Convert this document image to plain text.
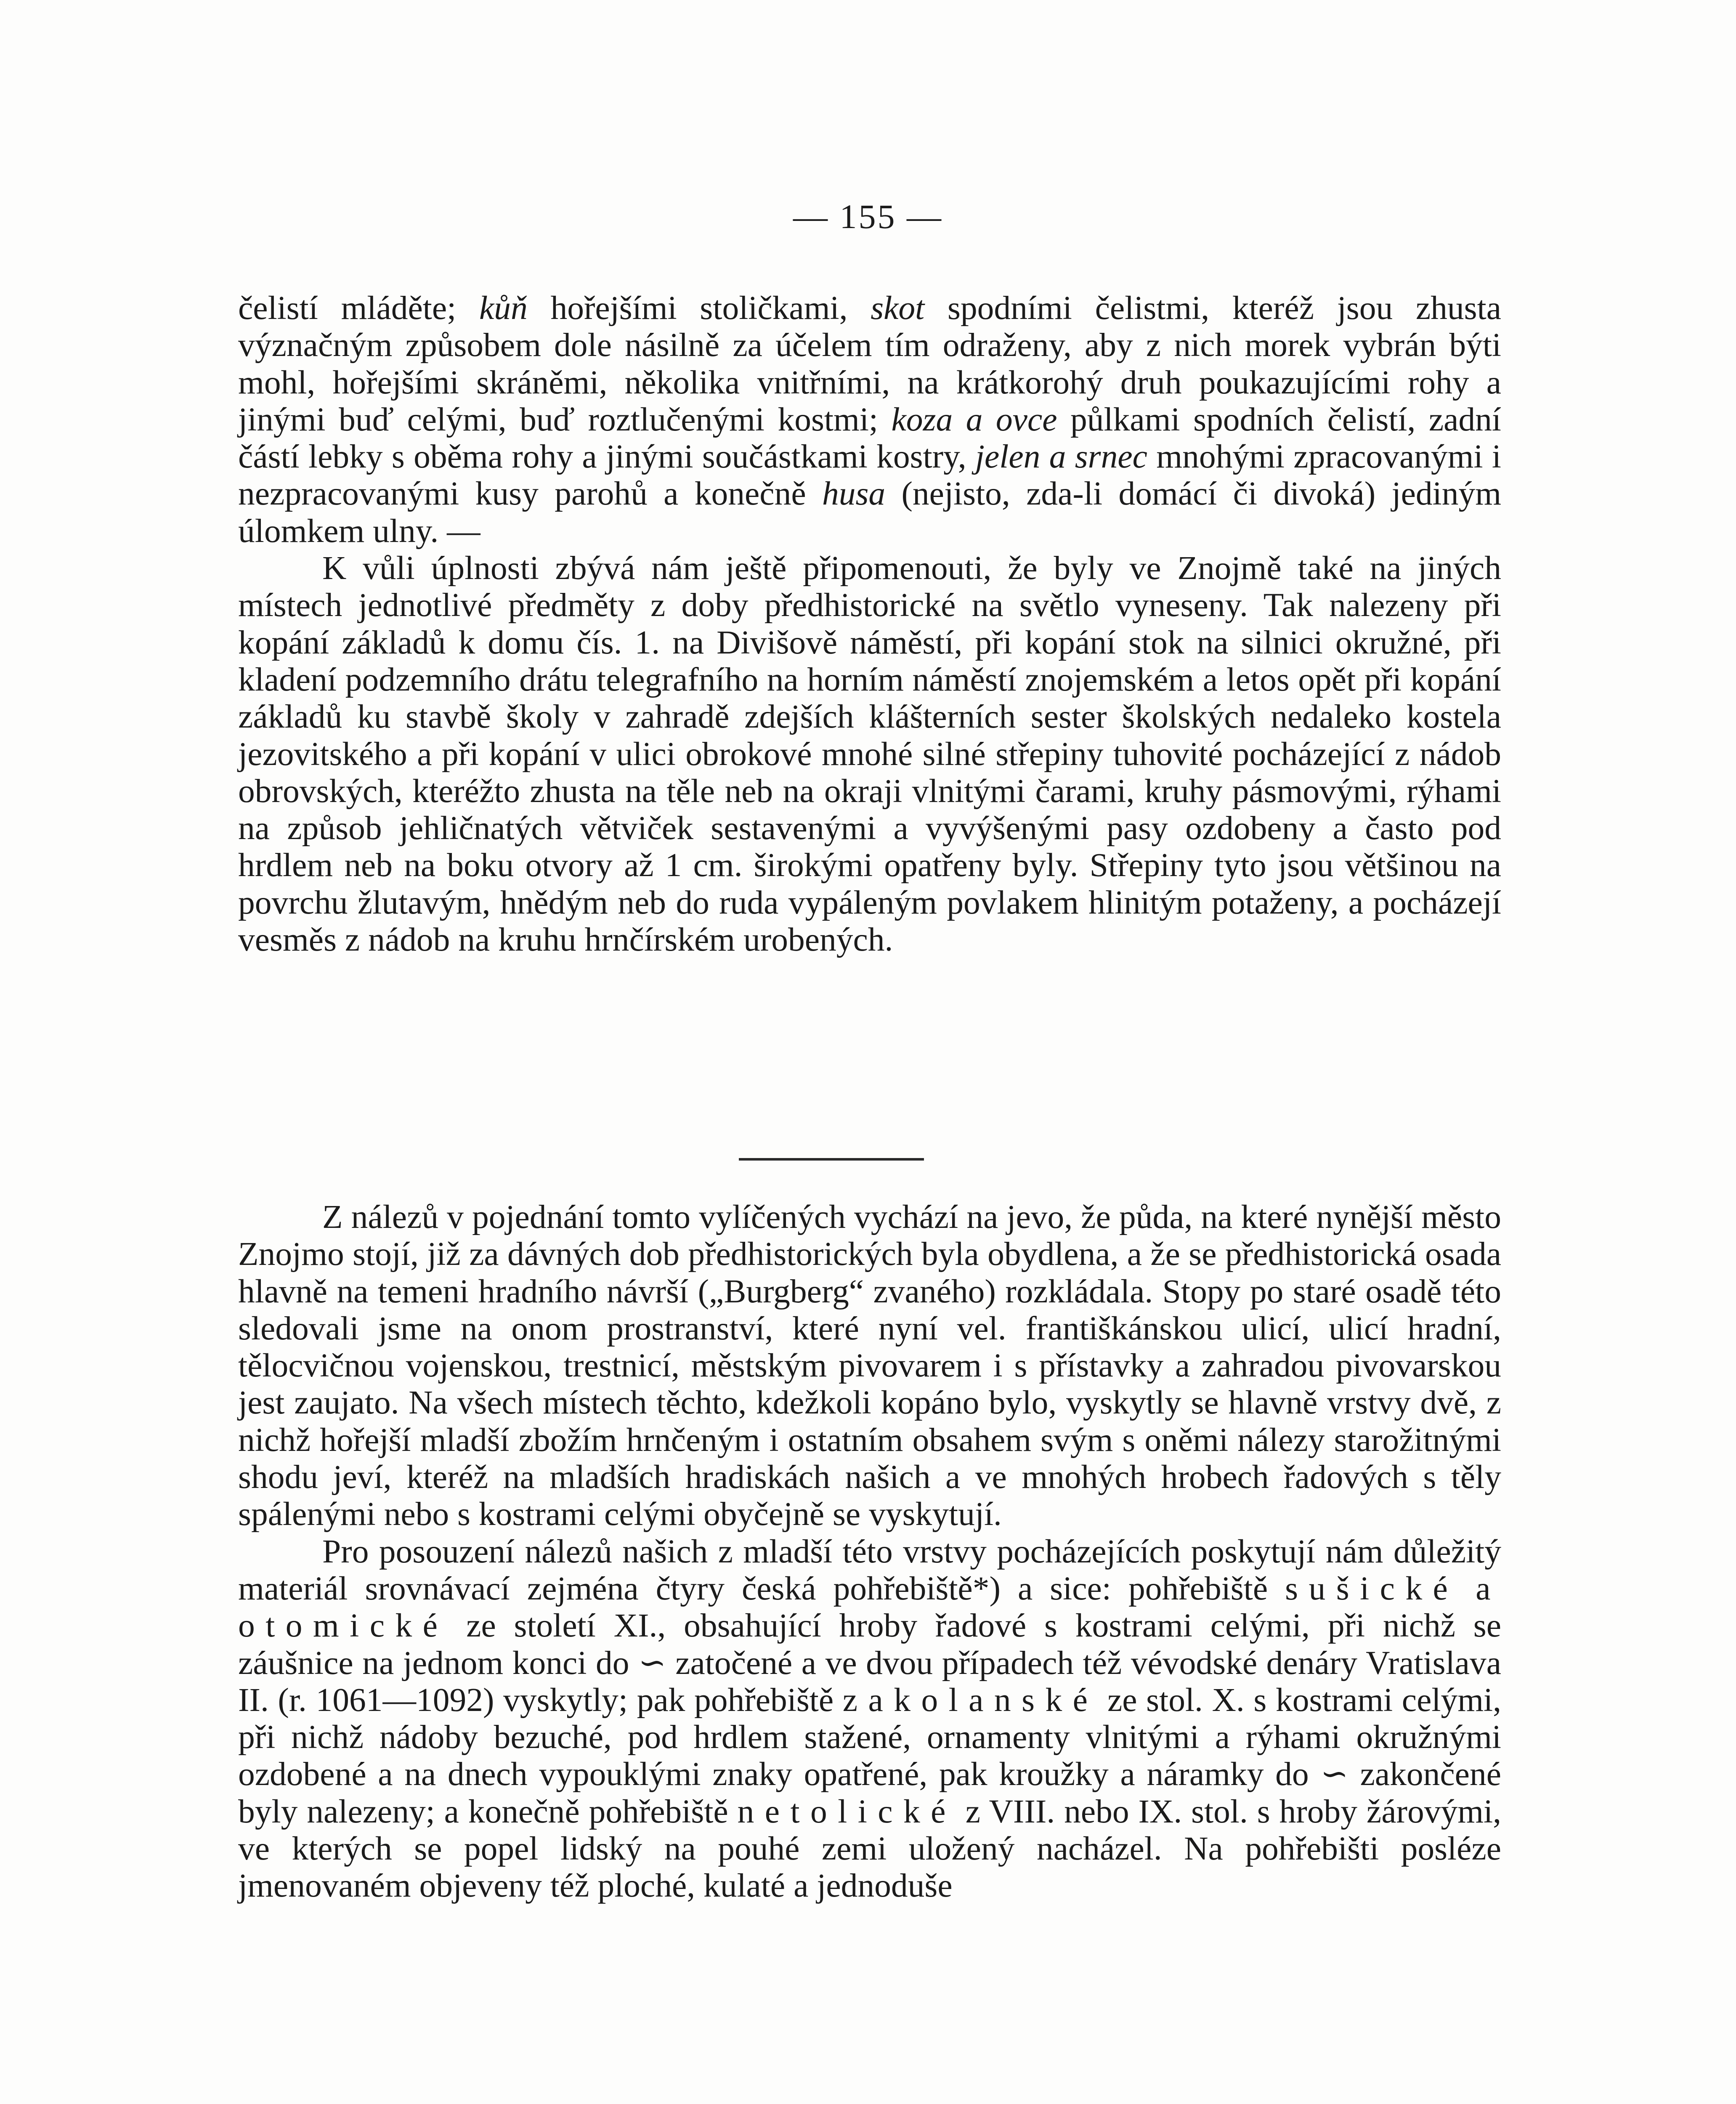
— 155 —

čelistí mláděte; kůň hořejšími stoličkami, skot spodními čelistmi, kteréž jsou zhusta význačným způsobem dole násilně za účelem tím odraženy, aby z nich morek vybrán býti mohl, hořejšími skráněmi, několika vnitřními, na krátkorohý druh poukazujícími rohy a jinými buď celými, buď roztlučenými kostmi; koza a ovce půlkami spodních čelistí, zadní částí lebky s oběma rohy a jinými součástkami kostry, jelen a srnec mnohými zpracovanými i nezpracovanými kusy parohů a konečně husa (nejisto, zda-li domácí či divoká) jediným úlomkem ulny. —

K vůli úplnosti zbývá nám ještě připomenouti, že byly ve Znojmě také na jiných místech jednotlivé předměty z doby předhistorické na světlo vyneseny. Tak nalezeny při kopání základů k domu čís. 1. na Divišově náměstí, při kopání stok na silnici okružné, při kladení podzemního drátu telegrafního na horním náměstí znojemském a letos opět při kopání základů ku stavbě školy v zahradě zdejších klášterních sester školských nedaleko kostela jezovitského a při kopání v ulici obrokové mnohé silné střepiny tuhovité pocházející z nádob obrovských, kteréžto zhusta na těle neb na okraji vlnitými čarami, kruhy pásmovými, rýhami na způsob jehličnatých větviček sestavenými a vyvýšenými pasy ozdobeny a často pod hrdlem neb na boku otvory až 1 cm. širokými opatřeny byly. Střepiny tyto jsou většinou na povrchu žlutavým, hnědým neb do ruda vypáleným povlakem hlinitým potaženy, a pocházejí vesměs z nádob na kruhu hrnčírském urobených.

Z nálezů v pojednání tomto vylíčených vychází na jevo, že půda, na které nynější město Znojmo stojí, již za dávných dob předhistorických byla obydlena, a že se předhistorická osada hlavně na temeni hradního návrší („Burgberg“ zvaného) rozkládala. Stopy po staré osadě této sledovali jsme na onom prostranství, které nyní vel. františkánskou ulicí, ulicí hradní, tělocvičnou vojenskou, trestnicí, městským pivovarem i s přístavky a zahradou pivovarskou jest zaujato. Na všech místech těchto, kdežkoli kopáno bylo, vyskytly se hlavně vrstvy dvě, z nichž hořejší mladší zbožím hrnčeným i ostatním obsahem svým s oněmi nálezy starožitnými shodu jeví, kteréž na mladších hradiskách našich a ve mnohých hrobech řadových s těly spálenými nebo s kostrami celými obyčejně se vyskytují.

Pro posouzení nálezů našich z mladší této vrstvy pocházejících poskytují nám důležitý materiál srovnávací zejména čtyry česká pohřebiště*) a sice: pohřebiště sušické a otomické ze století XI., obsahující hroby řadové s kostrami celými, při nichž se záušnice na jednom konci do ∽ zatočené a ve dvou případech též vévodské denáry Vratislava II. (r. 1061—1092) vyskytly; pak pohřebiště zakolanské ze stol. X. s kostrami celými, při nichž nádoby bezuché, pod hrdlem stažené, ornamenty vlnitými a rýhami okružnými ozdobené a na dnech vypouklými znaky opatřené, pak kroužky a náramky do ∽ zakončené byly nalezeny; a konečně pohřebiště netolické z VIII. nebo IX. stol. s hroby žárovými, ve kterých se popel lidský na pouhé zemi uložený nacházel. Na pohřebišti posléze jmenovaném objeveny též ploché, kulaté a jednoduše
